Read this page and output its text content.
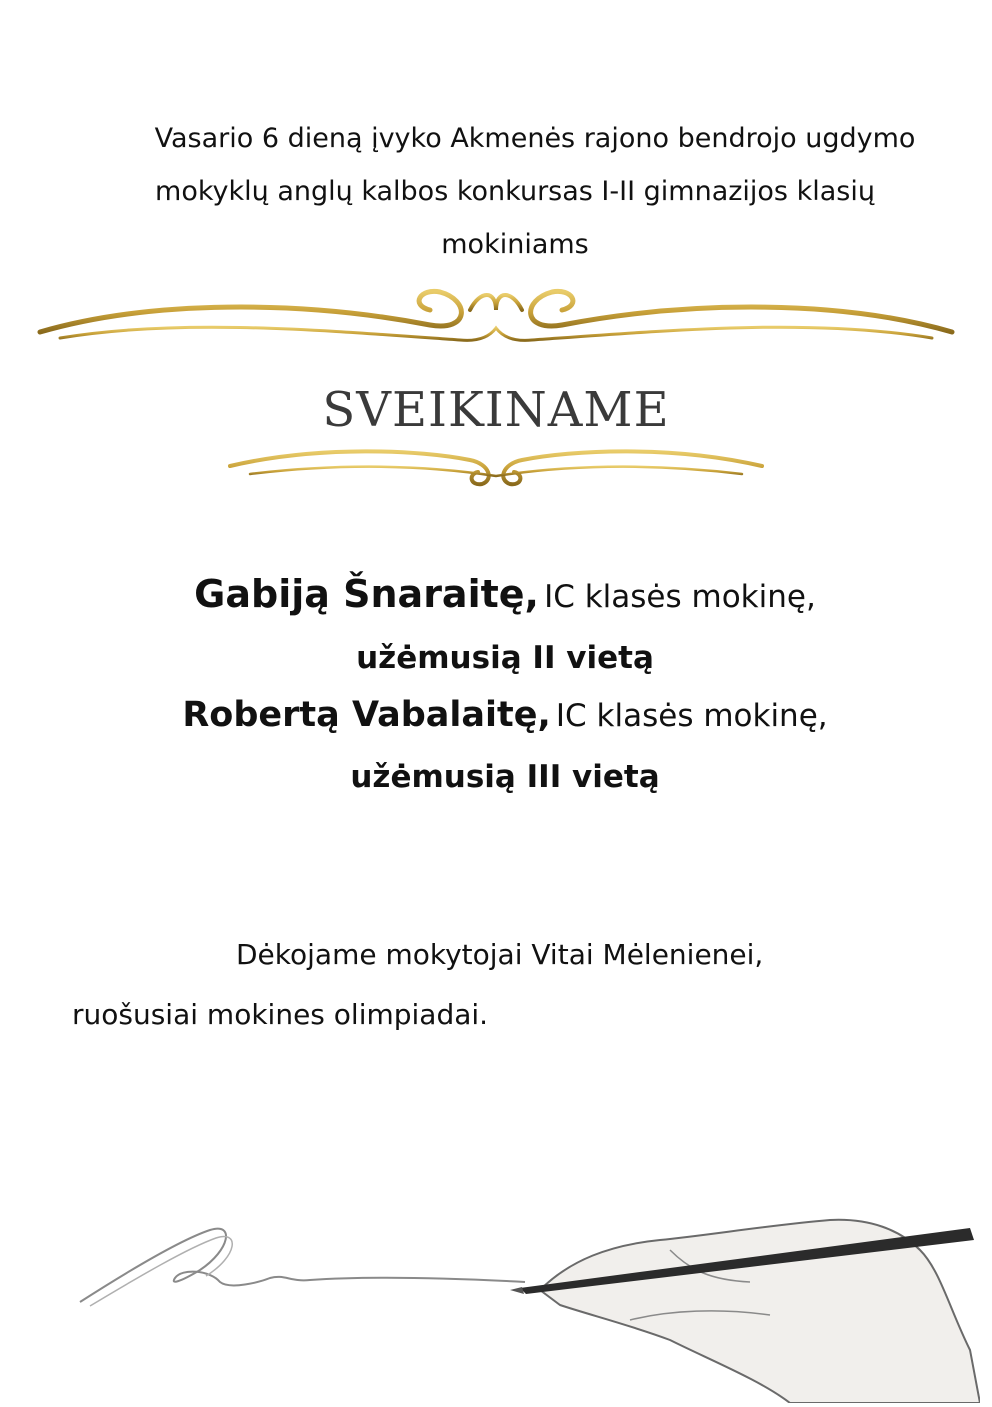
Vasario 6 dieną įvyko Akmenės rajono bendrojo ugdymo
mokyklų anglų kalbos konkursas I-II gimnazijos klasių
mokiniams
SVEIKINAME
Gabiją Šnaraitę, IC klasės mokinę,
užėmusią II vietą
Robertą Vabalaitę, IC klasės mokinę,
užėmusią III vietą
Dėkojame mokytojai Vitai Mėlenienei,
ruošusiai mokines olimpiadai.
